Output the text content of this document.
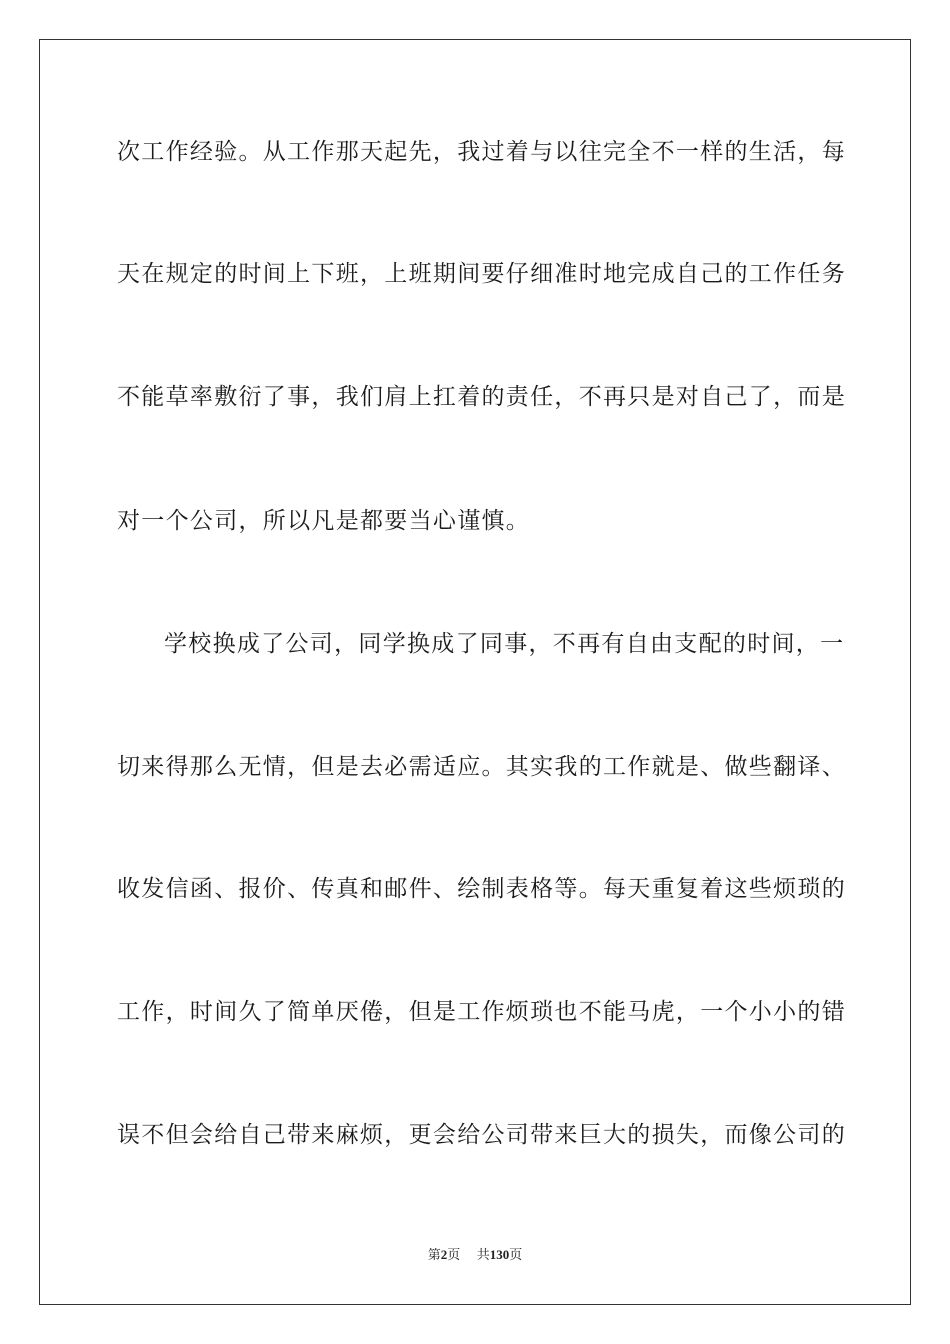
次工作经验。从工作那天起先，我过着与以往完全不一样的生活，每
天在规定的时间上下班，上班期间要仔细准时地完成自己的工作任务
不能草率敷衍了事，我们肩上扛着的责任，不再只是对自己了，而是
对一个公司，所以凡是都要当心谨慎。
学校换成了公司，同学换成了同事，不再有自由支配的时间，一
切来得那么无情，但是去必需适应。其实我的工作就是、做些翻译、
收发信函、报价、传真和邮件、绘制表格等。每天重复着这些烦琐的
工作，时间久了简单厌倦，但是工作烦琐也不能马虎，一个小小的错
误不但会给自己带来麻烦，更会给公司带来巨大的损失，而像公司的
第2页 共130页
